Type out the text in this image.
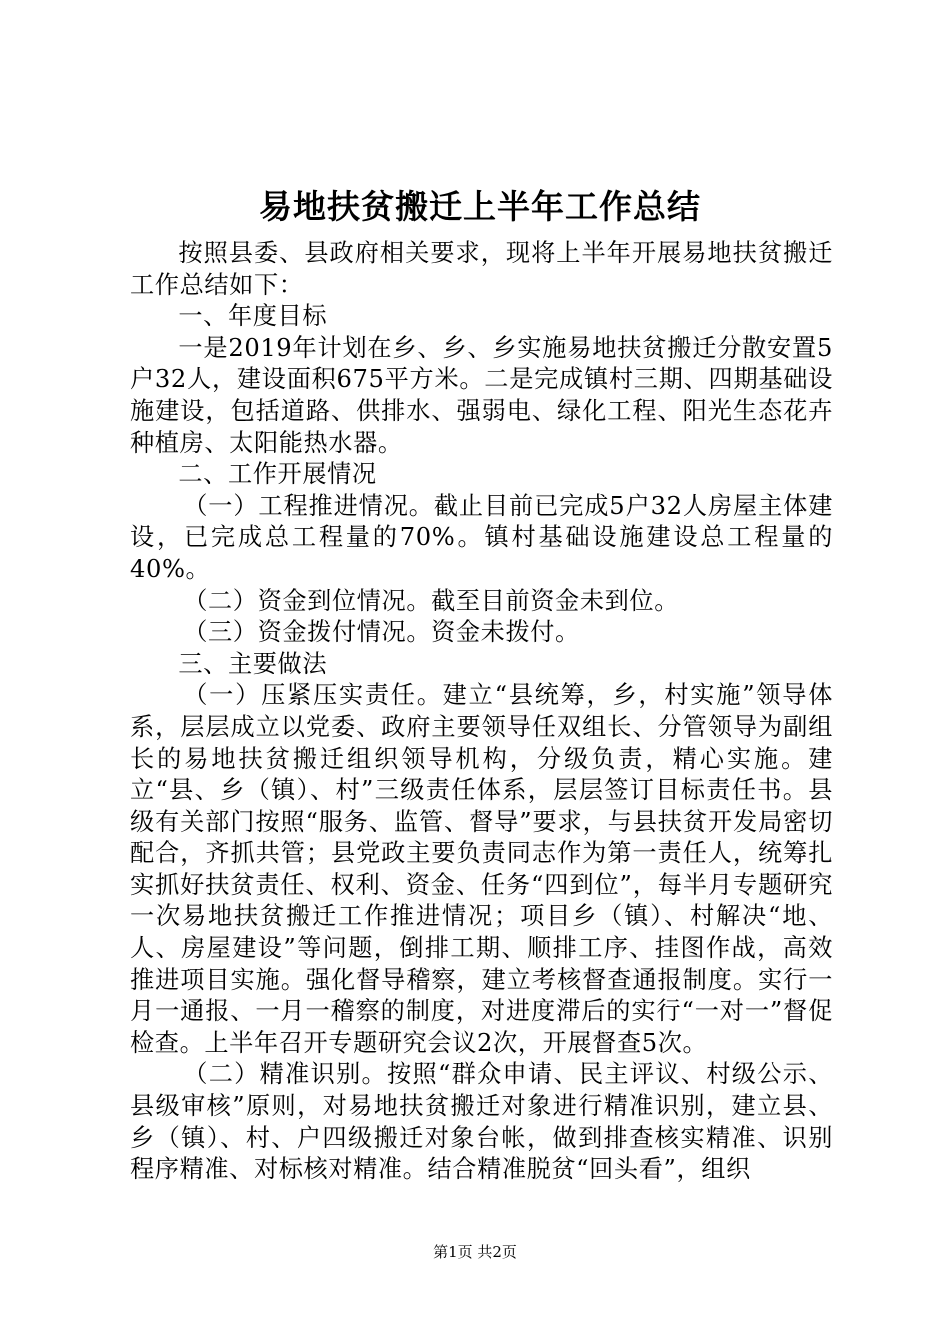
易地扶贫搬迁上半年工作总结

按照县委、县政府相关要求，现将上半年开展易地扶贫搬迁工作总结如下：

一、年度目标

一是2019年计划在乡、乡、乡实施易地扶贫搬迁分散安置5户32人，建设面积675平方米。二是完成镇村三期、四期基础设施建设，包括道路、供排水、强弱电、绿化工程、阳光生态花卉种植房、太阳能热水器。

二、工作开展情况

（一）工程推进情况。截止目前已完成5户32人房屋主体建设，已完成总工程量的70%。镇村基础设施建设总工程量的40%。

（二）资金到位情况。截至目前资金未到位。

（三）资金拨付情况。资金未拨付。

三、主要做法

（一）压紧压实责任。建立“县统筹，乡，村实施”领导体系，层层成立以党委、政府主要领导任双组长、分管领导为副组长的易地扶贫搬迁组织领导机构，分级负责，精心实施。建立“县、乡（镇）、村”三级责任体系，层层签订目标责任书。县级有关部门按照“服务、监管、督导”要求，与县扶贫开发局密切配合，齐抓共管；县党政主要负责同志作为第一责任人，统筹扎实抓好扶贫责任、权利、资金、任务“四到位”，每半月专题研究一次易地扶贫搬迁工作推进情况；项目乡（镇）、村解决“地、人、房屋建设”等问题，倒排工期、顺排工序、挂图作战，高效推进项目实施。强化督导稽察，建立考核督查通报制度。实行一月一通报、一月一稽察的制度，对进度滞后的实行“一对一”督促检查。上半年召开专题研究会议2次，开展督查5次。

（二）精准识别。按照“群众申请、民主评议、村级公示、县级审核”原则，对易地扶贫搬迁对象进行精准识别，建立县、乡（镇）、村、户四级搬迁对象台帐，做到排查核实精准、识别程序精准、对标核对精准。结合精准脱贫“回头看”，组织

第1页 共2页
